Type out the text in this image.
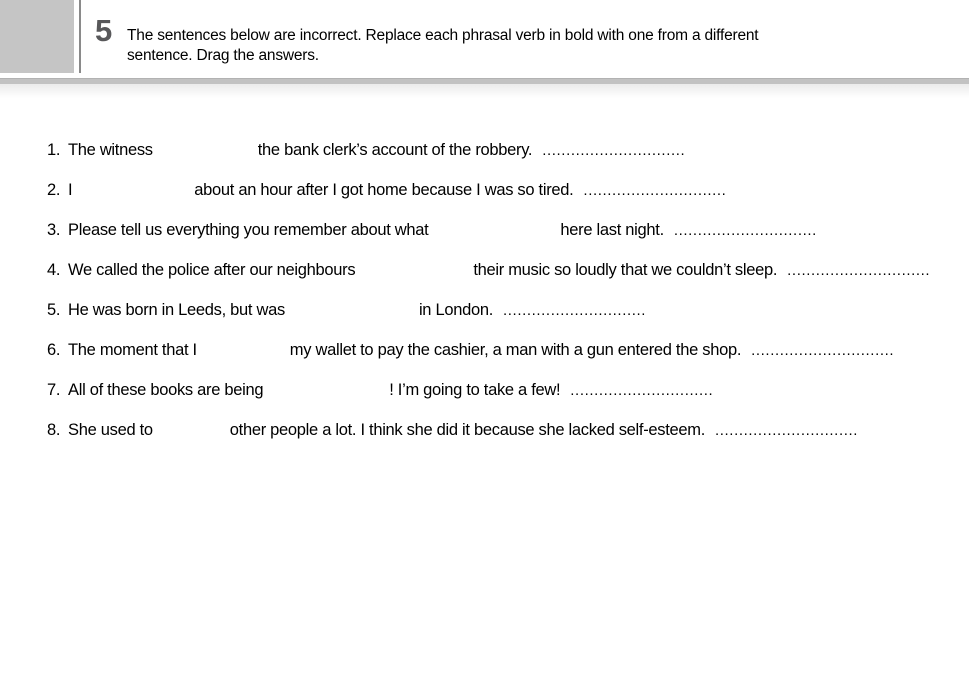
5 The sentences below are incorrect. Replace each phrasal verb in bold with one from a different sentence. Drag the answers.
1. The witness	the bank clerk’s account of the robbery. ..............................
2. I	about an hour after I got home because I was so tired. ..............................
3. Please tell us everything you remember about what	here last night. ..............................
4. We called the police after our neighbours	their music so loudly that we couldn’t sleep. ..............................
5. He was born in Leeds, but was	in London. ..............................
6. The moment that I	my wallet to pay the cashier, a man with a gun entered the shop. ..............................
7. All of these books are being	! I’m going to take a few! ..............................
8. She used to	other people a lot. I think she did it because she lacked self-esteem. ..............................
